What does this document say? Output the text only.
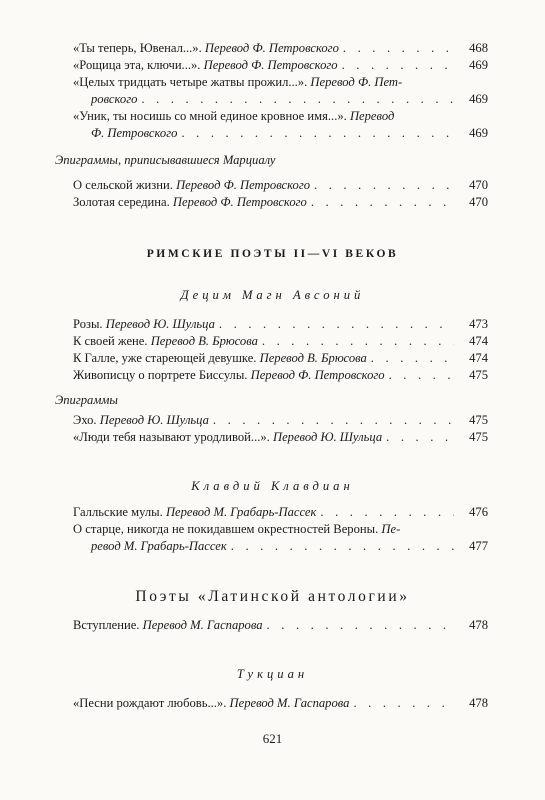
«Ты теперь, Ювенал...». Перевод Ф. Петровского . . .	468
«Рощица эта, ключи...». Перевод Ф. Петровского . . .	469
«Целых тридцать четыре жатвы прожил...». Перевод Ф. Пет-
ровского . . .	469
«Уник, ты носишь со мной единое кровное имя...». Перевод
Ф. Петровского . . .	469
Эпиграммы, приписывавшиеся Марциалу
О сельской жизни. Перевод Ф. Петровского . . .	470
Золотая середина. Перевод Ф. Петровского . . .	470
РИМСКИЕ ПОЭТЫ II—VI ВЕКОВ
Децим Магн Авсоний
Розы. Перевод Ю. Шульца . . .	473
К своей жене. Перевод В. Брюсова . . .	474
К Галле, уже стареющей девушке. Перевод В. Брюсова . . .	474
Живописцу о портрете Биссулы. Перевод Ф. Петровского . . .	475
Эпиграммы
Эхо. Перевод Ю. Шульца . . .	475
«Люди тебя называют уродливой...». Перевод Ю. Шульца . . .	475
Клавдий Клавдиан
Галльские мулы. Перевод М. Грабарь-Пассек . . .	476
О старце, никогда не покидавшем окрестностей Вероны. Пе-
ревод М. Грабарь-Пассек . . .	477
Поэты «Латинской антологии»
Вступление. Перевод М. Гаспарова . . .	478
Тукциан
«Песни рождают любовь...». Перевод М. Гаспарова . . .	478
621
